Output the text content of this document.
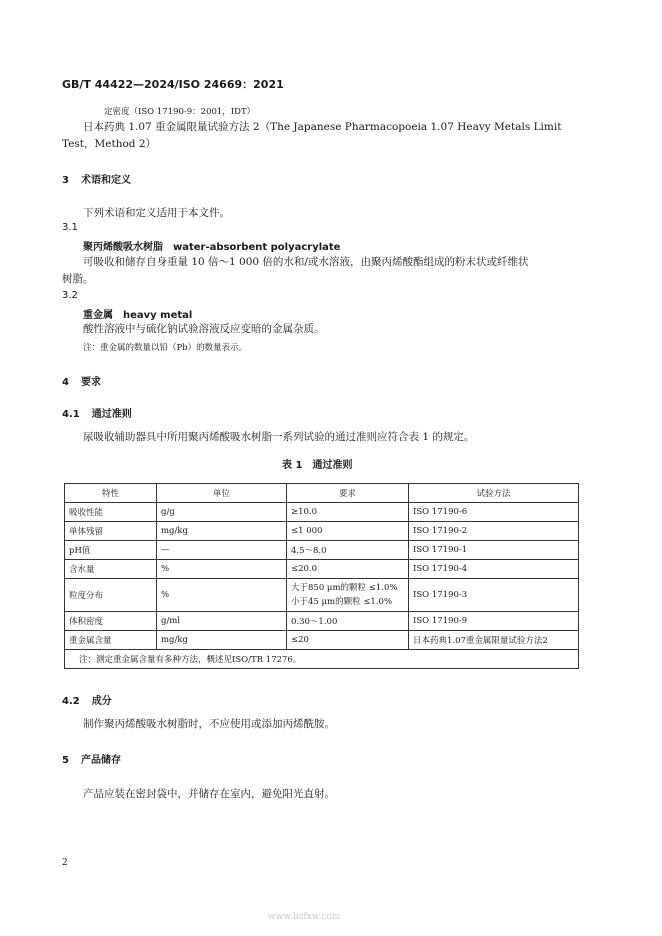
GB/T 44422—2024/ISO 24669：2021
定密度（ISO 17190-9：2001，IDT）
日本药典 1.07 重金属限量试验方法 2（The Japanese Pharmacopoeia 1.07 Heavy Metals Limit
Test，Method 2）
3 术语和定义
下列术语和定义适用于本文件。
3.1
聚丙烯酸吸水树脂 water-absorbent polyacrylate
可吸收和储存自身重量 10 倍～1 000 倍的水和/或水溶液，由聚丙烯酸酯组成的粉末状或纤维状
树脂。
3.2
重金属 heavy metal
酸性溶液中与硫化钠试验溶液反应变暗的金属杂质。
注：重金属的数量以铅（Pb）的数量表示。
4 要求
4.1 通过准则
尿吸收辅助器具中所用聚丙烯酸吸水树脂一系列试验的通过准则应符合表 1 的规定。
表 1　通过准则
特性	单位	要求	试验方法
吸收性能	g/g	≥10.0	ISO 17190-6
单体残留	mg/kg	≤1 000	ISO 17190-2
pH值	—	4.5～8.0	ISO 17190-1
含水量	%	≤20.0	ISO 17190-4
粒度分布	%	大于850 μm的颗粒 ≤1.0%
小于45 μm的颗粒 ≤1.0%	ISO 17190-3
体积密度	g/ml	0.30～1.00	ISO 17190-9
重金属含量	mg/kg	≤20	日本药典1.07重金属限量试验方法2
注：测定重金属含量有多种方法，概述见ISO/TR 17276。			
4.2 成分
制作聚丙烯酸吸水树脂时，不应使用或添加丙烯酰胺。
5 产品储存
产品应装在密封袋中，并储存在室内，避免阳光直射。
2
www.bzfxw.com
